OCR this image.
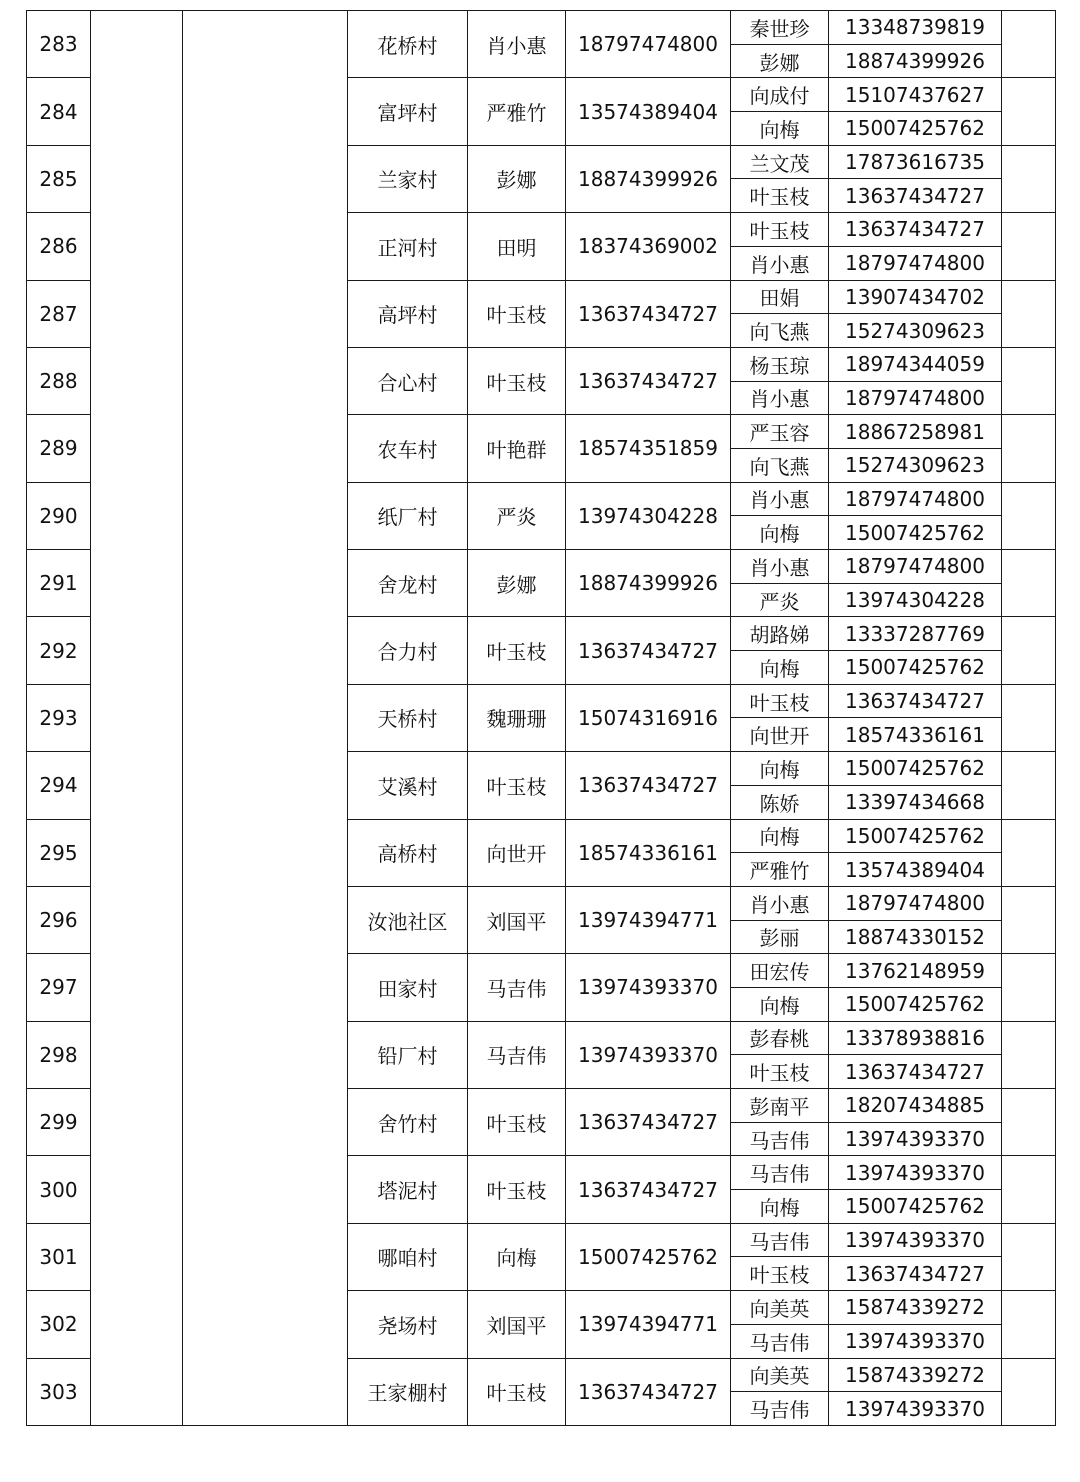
283			花桥村	肖小惠	18797474800	秦世珍	13348739819	
						彭娜	18874399926	
284			富坪村	严雅竹	13574389404	向成付	15107437627	
						向梅	15007425762	
285			兰家村	彭娜	18874399926	兰文茂	17873616735	
						叶玉枝	13637434727	
286			正河村	田明	18374369002	叶玉枝	13637434727	
						肖小惠	18797474800	
287			高坪村	叶玉枝	13637434727	田娟	13907434702	
						向飞燕	15274309623	
288			合心村	叶玉枝	13637434727	杨玉琼	18974344059	
						肖小惠	18797474800	
289			农车村	叶艳群	18574351859	严玉容	18867258981	
						向飞燕	15274309623	
290			纸厂村	严炎	13974304228	肖小惠	18797474800	
						向梅	15007425762	
291			舍龙村	彭娜	18874399926	肖小惠	18797474800	
						严炎	13974304228	
292			合力村	叶玉枝	13637434727	胡路娣	13337287769	
						向梅	15007425762	
293			天桥村	魏珊珊	15074316916	叶玉枝	13637434727	
						向世开	18574336161	
294			艾溪村	叶玉枝	13637434727	向梅	15007425762	
						陈娇	13397434668	
295			高桥村	向世开	18574336161	向梅	15007425762	
						严雅竹	13574389404	
296			汝池社区	刘国平	13974394771	肖小惠	18797474800	
						彭丽	18874330152	
297			田家村	马吉伟	13974393370	田宏传	13762148959	
						向梅	15007425762	
298			铅厂村	马吉伟	13974393370	彭春桃	13378938816	
						叶玉枝	13637434727	
299			舍竹村	叶玉枝	13637434727	彭南平	18207434885	
						马吉伟	13974393370	
300			塔泥村	叶玉枝	13637434727	马吉伟	13974393370	
						向梅	15007425762	
301			哪咱村	向梅	15007425762	马吉伟	13974393370	
						叶玉枝	13637434727	
302			尧场村	刘国平	13974394771	向美英	15874339272	
						马吉伟	13974393370	
303			王家棚村	叶玉枝	13637434727	向美英	15874339272	
						马吉伟	13974393370	
